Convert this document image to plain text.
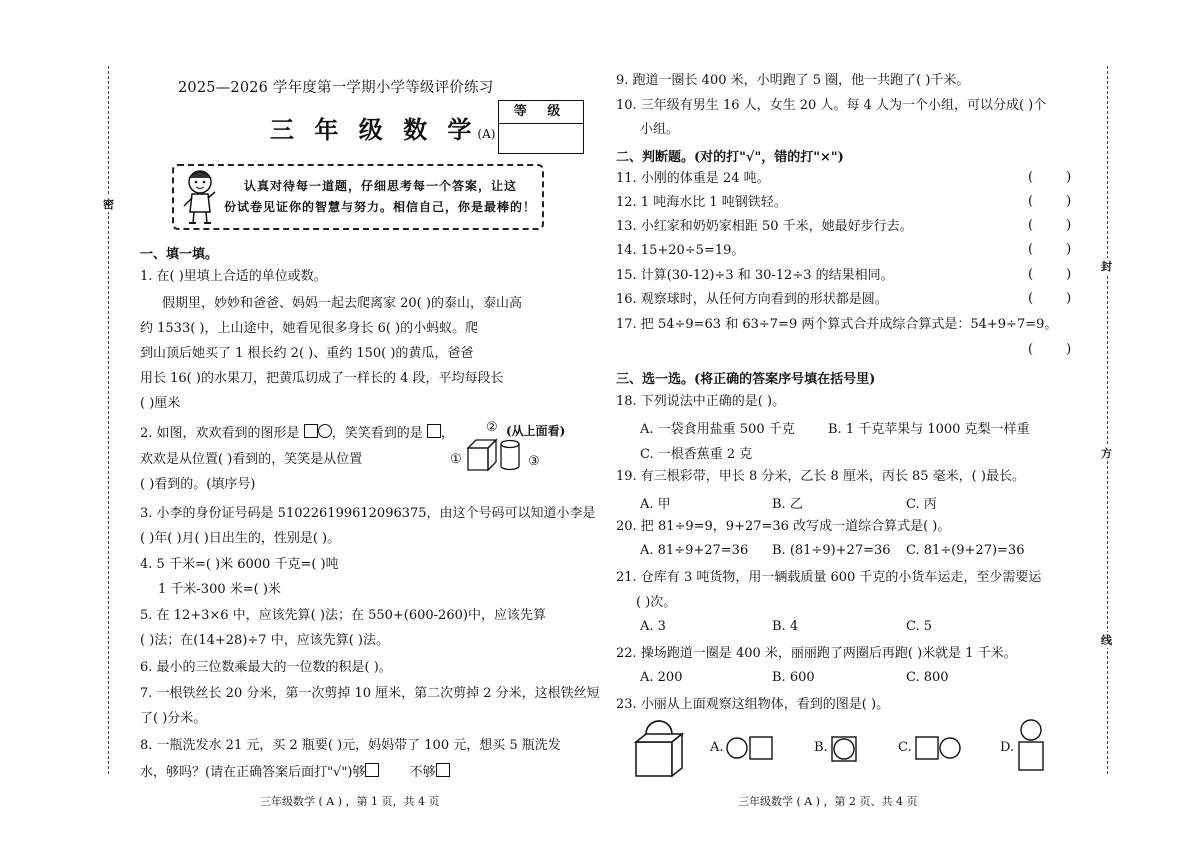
密
封
方
线
2025—2026 学年度第一学期小学等级评价练习
三 年 级 数 学(A)
等 级
认真对待每一道题，仔细思考每一个答案，让这
份试卷见证你的智慧与努力。相信自己，你是最棒的！
一、填一填。
1. 在( )里填上合适的单位或数。
假期里，妙妙和爸爸、妈妈一起去爬离家 20( )的泰山，泰山高
约 1533( )，上山途中，她看见很多身长 6( )的小蚂蚁。爬
到山顶后她买了 1 根长约 2( )、重约 150( )的黄瓜，爸爸
用长 16( )的水果刀，把黄瓜切成了一样长的 4 段，平均每段长
( )厘米
2. 如图，欢欢看到的图形是 ，笑笑看到的是 ，
欢欢是从位置( )看到的，笑笑是从位置
( )看到的。(填序号)
② (从上面看)
①	③
3. 小李的身份证号码是 510226199612096375，由这个号码可以知道小李是
( )年( )月( )日出生的，性别是( )。
4. 5 千米=( )米 6000 千克=( )吨
1 千米-300 米=( )米
5. 在 12+3×6 中，应该先算( )法；在 550+(600-260)中，应该先算
( )法；在(14+28)÷7 中，应该先算( )法。
6. 最小的三位数乘最大的一位数的积是( )。
7. 一根铁丝长 20 分米，第一次剪掉 10 厘米，第二次剪掉 2 分米，这根铁丝短
了( )分米。
8. 一瓶洗发水 21 元，买 2 瓶要( )元，妈妈带了 100 元，想买 5 瓶洗发
水，够吗？(请在正确答案后面打"√")够	不够
三年级数学 ( A ) ，第 1 页，共 4 页
9. 跑道一圈长 400 米，小明跑了 5 圈，他一共跑了( )千米。
10. 三年级有男生 16 人，女生 20 人。每 4 人为一个小组，可以分成( )个
小组。
二、判断题。(对的打"√"，错的打"×")
11. 小刚的体重是 24 吨。	(        )
12. 1 吨海水比 1 吨钢铁轻。	(        )
13. 小红家和奶奶家相距 50 千米，她最好步行去。	(        )
14. 15+20÷5=19。	(        )
15. 计算(30-12)÷3 和 30-12÷3 的结果相同。	(        )
16. 观察球时，从任何方向看到的形状都是圆。	(        )
17. 把 54÷9=63 和 63÷7=9 两个算式合并成综合算式是：54+9÷7=9。
(        )
三、选一选。(将正确的答案序号填在括号里)
18. 下列说法中正确的是( )。
A. 一袋食用盐重 500 千克	B. 1 千克苹果与 1000 克梨一样重
C. 一根香蕉重 2 克
19. 有三根彩带，甲长 8 分米，乙长 8 厘米，丙长 85 毫米，( )最长。
A. 甲	B. 乙	C. 丙
20. 把 81÷9=9，9+27=36 改写成一道综合算式是( )。
A. 81÷9+27=36 B. (81÷9)+27=36 C. 81÷(9+27)=36
21. 仓库有 3 吨货物，用一辆载质量 600 千克的小货车运走，至少需要运
( )次。
A. 3	B. 4	C. 5
22. 操场跑道一圈是 400 米，丽丽跑了两圈后再跑( )米就是 1 千米。
A. 200	B. 600	C. 800
23. 小丽从上面观察这组物体，看到的图是( )。
A.	B.	C.	D.
三年级数学 ( A ) ，第 2 页、共 4 页
